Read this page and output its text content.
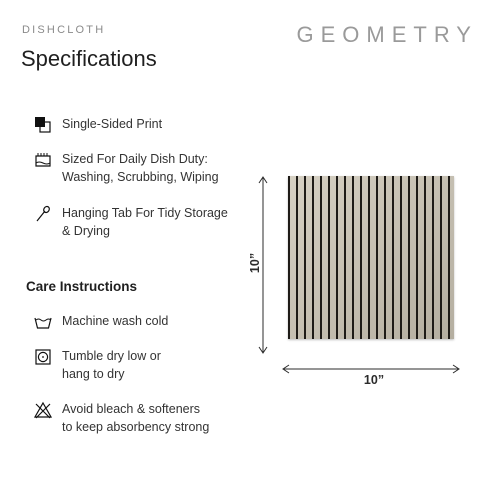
DISHCLOTH	GEOMETRY
Specifications
Single-Sided Print
Sized For Daily Dish Duty:
Washing, Scrubbing, Wiping
Hanging Tab For Tidy Storage
& Drying
Care Instructions
Machine wash cold
Tumble dry low or
hang to dry
Avoid bleach & softeners
to keep absorbency strong
10”
10”
